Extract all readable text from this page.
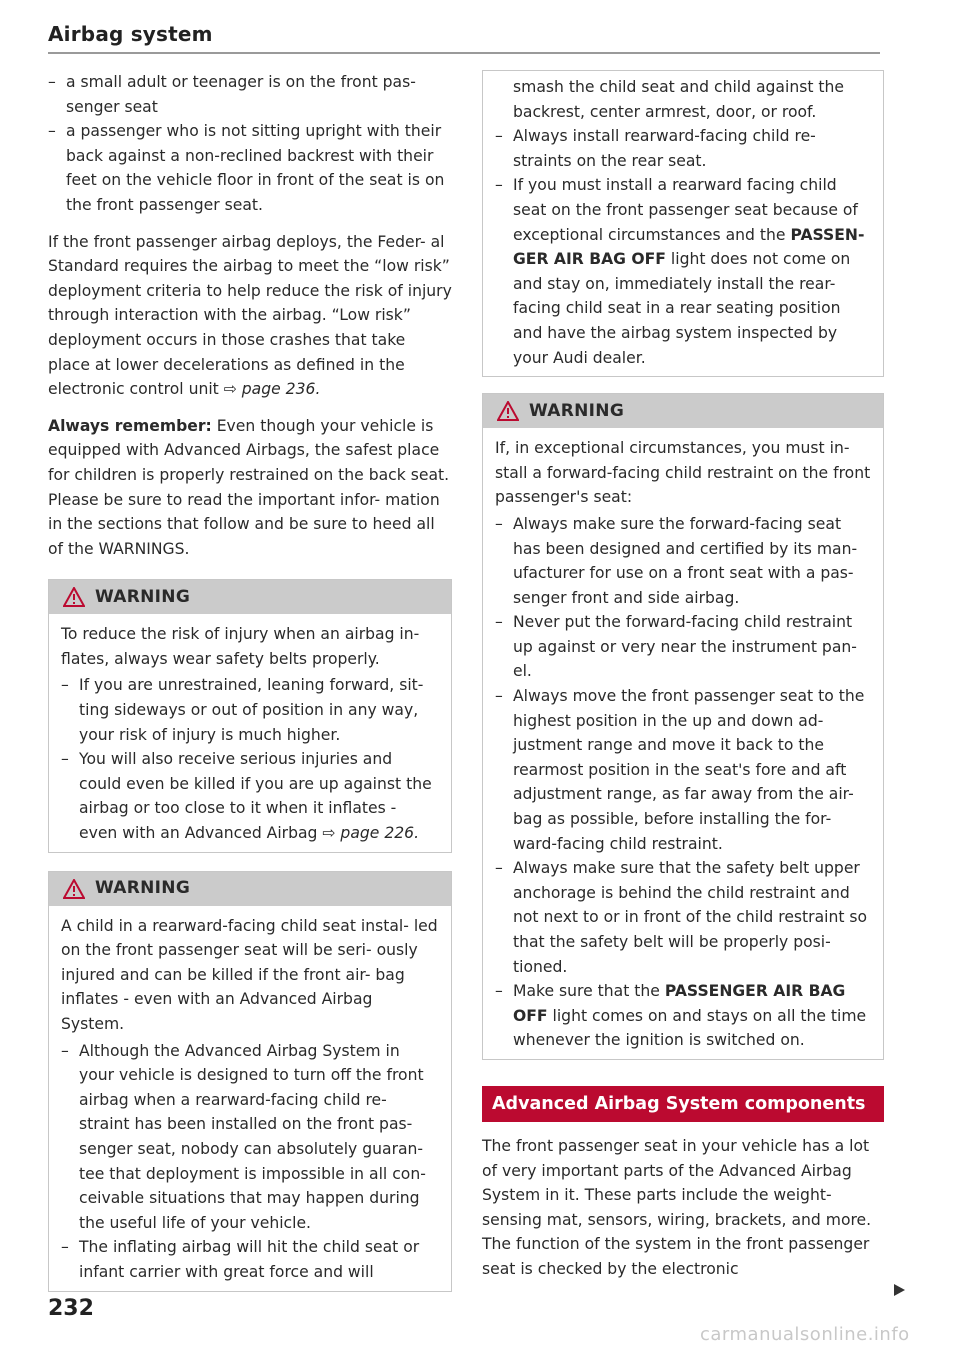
Airbag system
– a small adult or teenager is on the front pas- senger seat
– a passenger who is not sitting upright with their back against a non-reclined backrest with their feet on the vehicle floor in front of the seat is on the front passenger seat.

If the front passenger airbag deploys, the Feder- al Standard requires the airbag to meet the “low risk” deployment criteria to help reduce the risk of injury through interaction with the airbag. “Low risk” deployment occurs in those crashes that take place at lower decelerations as defined in the electronic control unit ⇨ page 236.

Always remember: Even though your vehicle is equipped with Advanced Airbags, the safest place for children is properly restrained on the back seat. Please be sure to read the important infor- mation in the sections that follow and be sure to heed all of the WARNINGS.

WARNING

To reduce the risk of injury when an airbag in- flates, always wear safety belts properly.

– If you are unrestrained, leaning forward, sit- ting sideways or out of position in any way, your risk of injury is much higher.
– You will also receive serious injuries and could even be killed if you are up against the airbag or too close to it when it inflates - even with an Advanced Airbag ⇨ page 226.
WARNING

A child in a rearward-facing child seat instal- led on the front passenger seat will be seri- ously injured and can be killed if the front air- bag inflates - even with an Advanced Airbag System.

– Although the Advanced Airbag System in your vehicle is designed to turn off the front airbag when a rearward-facing child re- straint has been installed on the front pas- senger seat, nobody can absolutely guaran- tee that deployment is impossible in all con- ceivable situations that may happen during the useful life of your vehicle.
– The inflating airbag will hit the child seat or infant carrier with great force and will

smash the child seat and child against the backrest, center armrest, door, or roof.

– Always install rearward-facing child re- straints on the rear seat.
– If you must install a rearward facing child seat on the front passenger seat because of exceptional circumstances and the PASSEN- GER AIR BAG OFF light does not come on and stay on, immediately install the rear- facing child seat in a rear seating position and have the airbag system inspected by your Audi dealer.
WARNING

If, in exceptional circumstances, you must in- stall a forward-facing child restraint on the front passenger's seat:

– Always make sure the forward-facing seat has been designed and certified by its man- ufacturer for use on a front seat with a pas- senger front and side airbag.
– Never put the forward-facing child restraint up against or very near the instrument pan- el.
– Always move the front passenger seat to the highest position in the up and down ad- justment range and move it back to the rearmost position in the seat's fore and aft adjustment range, as far away from the air- bag as possible, before installing the for- ward-facing child restraint.
– Always make sure that the safety belt upper anchorage is behind the child restraint and not next to or in front of the child restraint so that the safety belt will be properly posi- tioned.
– Make sure that the PASSENGER AIR BAG OFF light comes on and stays on all the time whenever the ignition is switched on.
Advanced Airbag System components

The front passenger seat in your vehicle has a lot of very important parts of the Advanced Airbag System in it. These parts include the weight- sensing mat, sensors, wiring, brackets, and more. The function of the system in the front passenger seat is checked by the electronic

232
carmanualsonline.info
